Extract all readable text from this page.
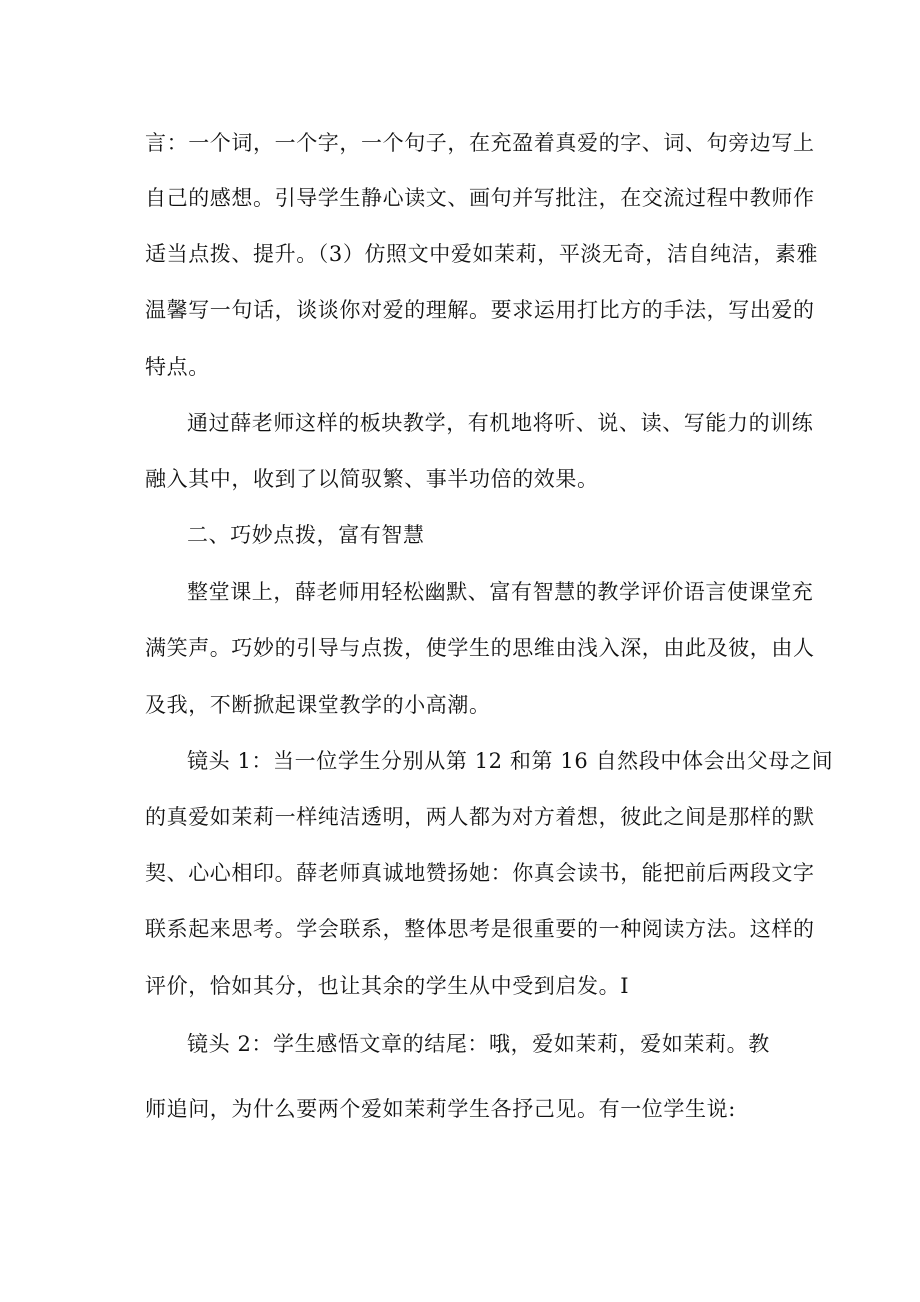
言：一个词，一个字，一个句子，在充盈着真爱的字、词、句旁边写上
自己的感想。引导学生静心读文、画句并写批注，在交流过程中教师作
适当点拨、提升。（3）仿照文中爱如茉莉，平淡无奇，洁自纯洁，素雅
温馨写一句话，谈谈你对爱的理解。要求运用打比方的手法，写出爱的
特点。
通过薛老师这样的板块教学，有机地将听、说、读、写能力的训练
融入其中，收到了以简驭繁、事半功倍的效果。
二、巧妙点拨，富有智慧
整堂课上，薛老师用轻松幽默、富有智慧的教学评价语言使课堂充
满笑声。巧妙的引导与点拨，使学生的思维由浅入深，由此及彼，由人
及我，不断掀起课堂教学的小高潮。
镜头 1：当一位学生分别从第 12 和第 16 自然段中体会出父母之间
的真爱如茉莉一样纯洁透明，两人都为对方着想，彼此之间是那样的默
契、心心相印。薛老师真诚地赞扬她：你真会读书，能把前后两段文字
联系起来思考。学会联系，整体思考是很重要的一种阅读方法。这样的
评价，恰如其分，也让其余的学生从中受到启发。I
镜头 2：学生感悟文章的结尾：哦，爱如茉莉，爱如茉莉。教
师追问，为什么要两个爱如茉莉学生各抒己见。有一位学生说:
